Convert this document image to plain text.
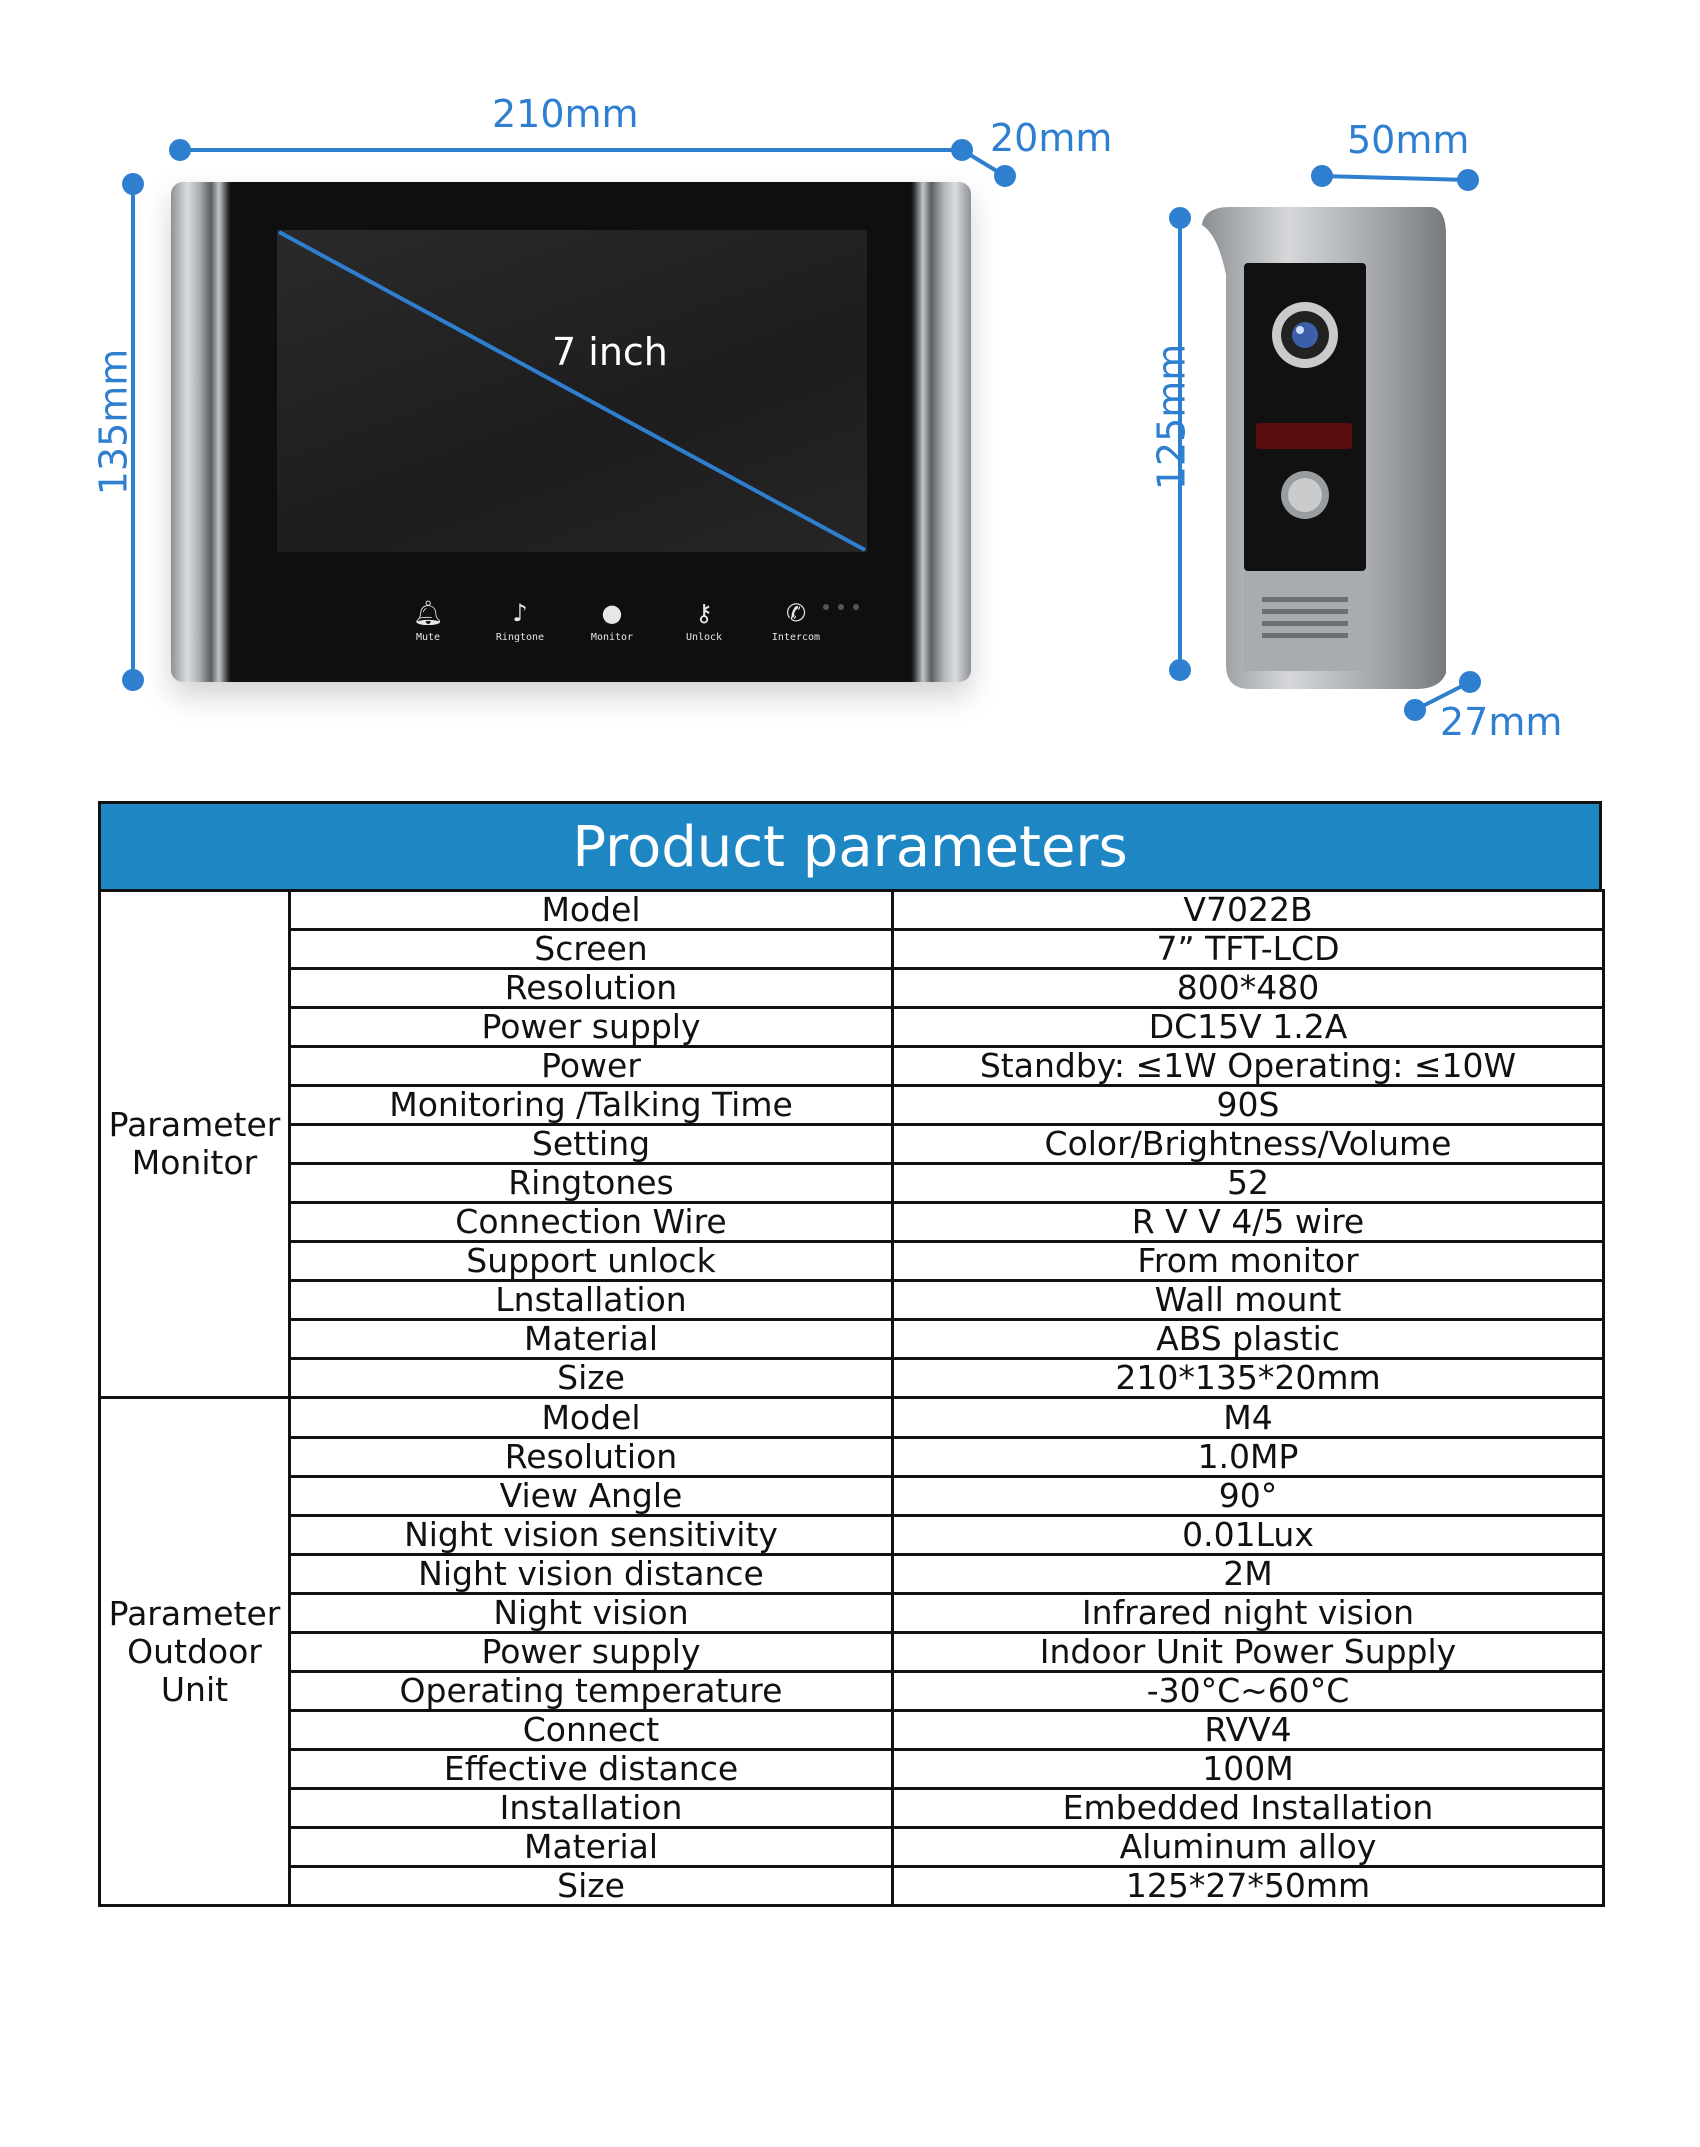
210mm
20mm
135mm
50mm
125mm
27mm
🔔︎
Mute
♪
Ringtone
●
Monitor
⚷
Unlock
✆
Intercom
7 inch
Product parameters
Parameter
Monitor	Model	V7022B
	Screen	7” TFT-LCD
	Resolution	800*480
	Power supply	DC15V 1.2A
	Power	Standby: ≤1W Operating: ≤10W
	Monitoring /Talking Time	90S
	Setting	Color/Brightness/Volume
	Ringtones	52
	Connection Wire	R V V 4/5 wire
	Support unlock	From monitor
	Lnstallation	Wall mount
	Material	ABS plastic
	Size	210*135*20mm
Parameter
Outdoor
Unit	Model	M4
	Resolution	1.0MP
	View Angle	90°
	Night vision sensitivity	0.01Lux
	Night vision distance	2M
	Night vision	Infrared night vision
	Power supply	Indoor Unit Power Supply
	Operating temperature	-30°C~60°C
	Connect	RVV4
	Effective distance	100M
	Installation	Embedded Installation
	Material	Aluminum alloy
	Size	125*27*50mm
